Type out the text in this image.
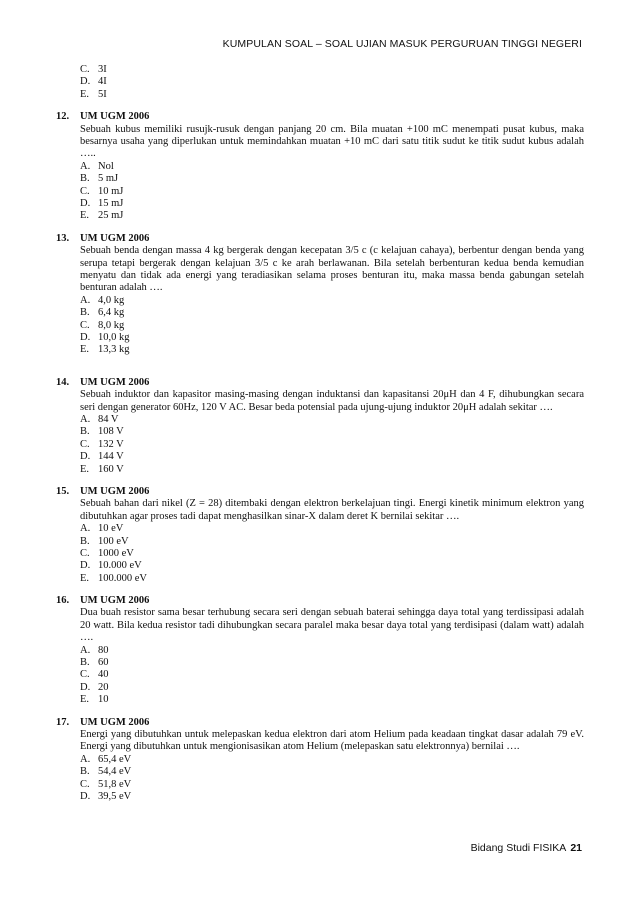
KUMPULAN SOAL – SOAL UJIAN MASUK PERGURUAN TINGGI NEGERI
C. 3I
D. 4I
E. 5I
12.	UM UGM 2006
Sebuah kubus memiliki rusujk-rusuk dengan panjang 20 cm. Bila muatan +100 mC menempati pusat kubus, maka besarnya usaha yang diperlukan untuk memindahkan muatan +10 mC dari satu titik sudut ke titik sudut kubus adalah …..
A. Nol
B. 5 mJ
C. 10 mJ
D. 15 mJ
E. 25 mJ
13.	UM UGM 2006
Sebuah benda dengan massa 4 kg bergerak dengan kecepatan 3/5 c (c kelajuan cahaya), berbentur dengan benda yang serupa tetapi bergerak dengan kelajuan 3/5 c ke arah berlawanan. Bila setelah berbenturan kedua benda kemudian menyatu dan tidak ada energi yang teradiasikan selama proses benturan itu, maka massa benda gabungan setelah benturan adalah ….
A. 4,0 kg
B. 6,4 kg
C. 8,0 kg
D. 10,0 kg
E. 13,3 kg
14.	UM UGM 2006
Sebuah induktor dan kapasitor masing-masing dengan induktansi dan kapasitansi 20μH dan 4 F, dihubungkan secara seri dengan generator 60Hz, 120 V AC. Besar beda potensial pada ujung-ujung induktor 20μH adalah sekitar ….
A. 84 V
B. 108 V
C. 132 V
D. 144 V
E. 160 V
15.	UM UGM 2006
Sebuah bahan dari nikel (Z = 28) ditembaki dengan elektron berkelajuan tingi. Energi kinetik minimum elektron yang dibutuhkan agar proses tadi dapat menghasilkan sinar-X dalam deret K bernilai sekitar ….
A. 10 eV
B. 100 eV
C. 1000 eV
D. 10.000 eV
E. 100.000 eV
16.	UM UGM 2006
Dua buah resistor sama besar terhubung secara seri dengan sebuah baterai sehingga daya total yang terdissipasi adalah 20 watt. Bila kedua resistor tadi dihubungkan secara paralel maka besar daya total yang terdisipasi (dalam watt) adalah ….
A. 80
B. 60
C. 40
D. 20
E. 10
17.	UM UGM 2006
Energi yang dibutuhkan untuk melepaskan kedua elektron dari atom Helium pada keadaan tingkat dasar adalah 79 eV. Energi yang dibutuhkan untuk mengionisasikan atom Helium (melepaskan satu elektronnya) bernilai ….
A. 65,4 eV
B. 54,4 eV
C. 51,8 eV
D. 39,5 eV
Bidang Studi FISIKA 21
